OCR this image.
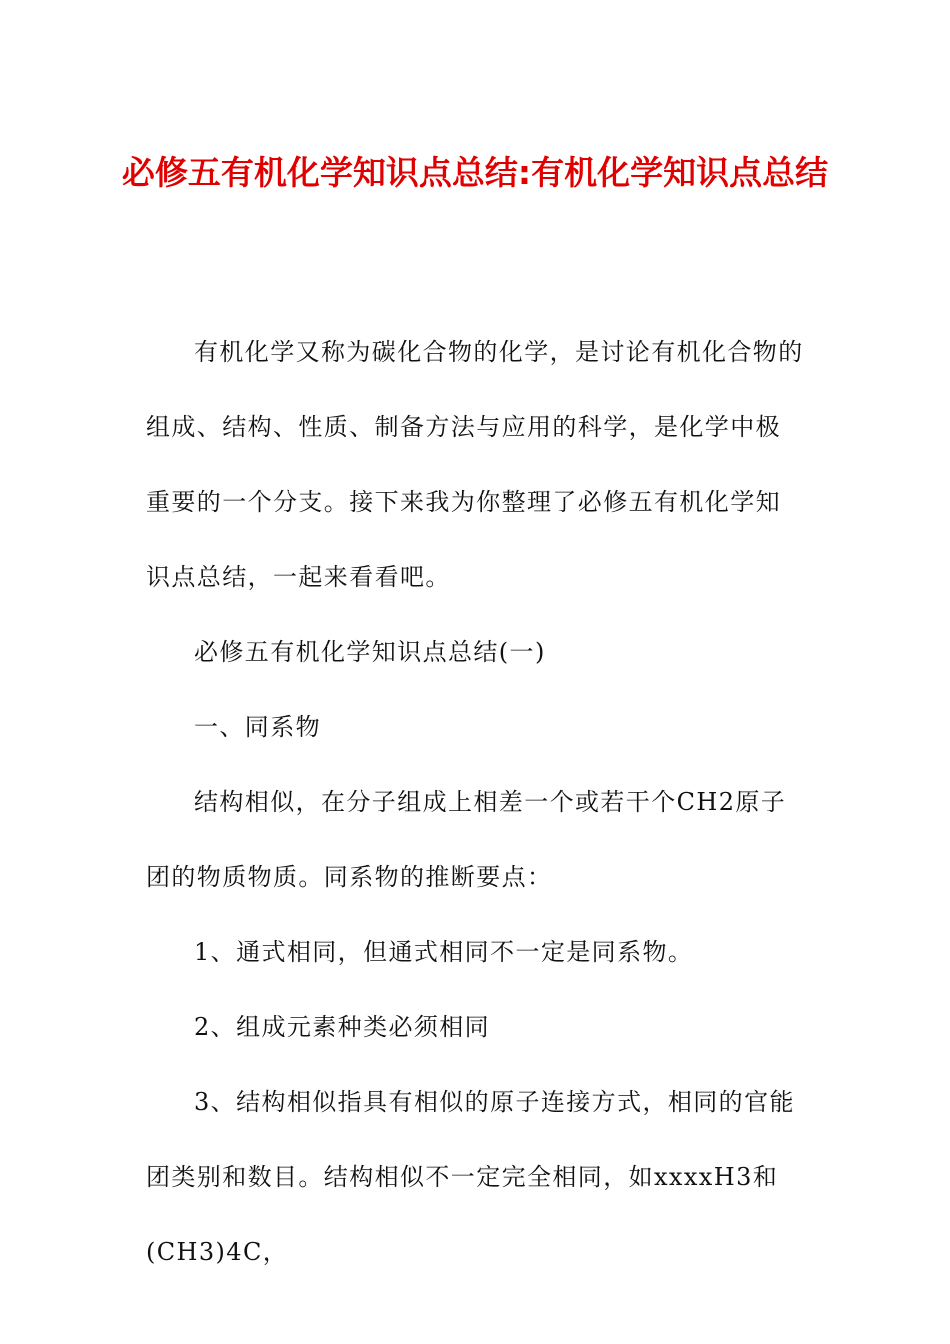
必修五有机化学知识点总结:有机化学知识点总结

有机化学又称为碳化合物的化学，是讨论有机化合物的组成、结构、性质、制备方法与应用的科学，是化学中极重要的一个分支。接下来我为你整理了必修五有机化学知识点总结，一起来看看吧。

必修五有机化学知识点总结(一)

一、同系物

结构相似，在分子组成上相差一个或若干个CH2原子团的物质物质。同系物的推断要点：

1、通式相同，但通式相同不一定是同系物。

2、组成元素种类必须相同

3、结构相似指具有相似的原子连接方式，相同的官能团类别和数目。结构相似不一定完全相同，如xxxxH3和(CH3)4C，
